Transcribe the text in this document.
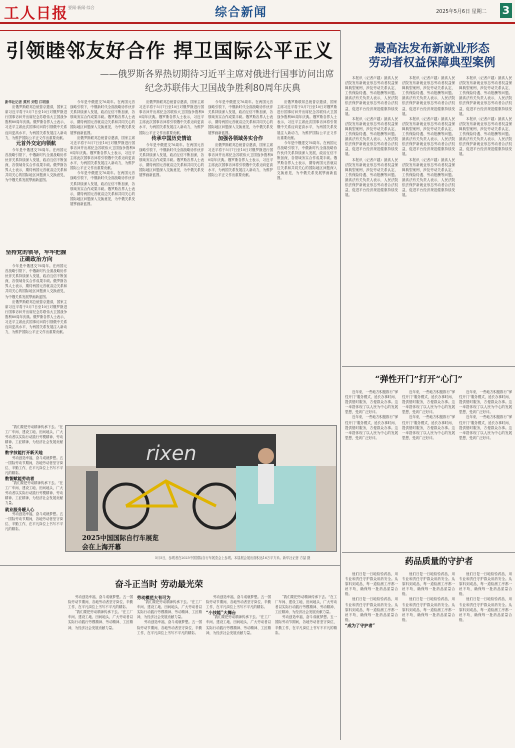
工人日报 要闻·新闻·综合	综合新闻	2025年5月6日 星期二 3
引领睦邻友好合作 捍卫国际公平正义
——俄罗斯各界热切期待习近平主席对俄进行国事访问出席
纪念苏联伟大卫国战争胜利80周年庆典

新华社记者 黄河 刘恺 江明泉

应俄罗斯联邦总统普京邀请，国家主席习近平将于5月7日至10日对俄罗斯进行国事访问并出席纪念苏联伟大卫国战争胜利80周年庆典。俄罗斯各界人士表示，习近平主席此次国事访问将引领俄中关系迈向更高水平，为两国关系发展注入新动力，为维护国际公平正义作出重要贡献。

元首外交定向领航

今年是中俄建交76周年。在两国元首战略引领下，中俄新时代全面战略协作伙伴关系持续深入发展，政治互信不断加深，各领域务实合作成果丰硕。俄罗斯各界人士表示，期待两国元首就双边关系和共同关心的国际地区问题深入交换意见，为中俄关系发展擘画新蓝图。

坚持党的领导，牢牢把握正确政治方向

今年是中俄建交76周年。在两国元首战略引领下，中俄新时代全面战略协作伙伴关系持续深入发展，政治互信不断加深，各领域务实合作成果丰硕。俄罗斯各界人士表示，期待两国元首就双边关系和共同关心的国际地区问题深入交换意见，为中俄关系发展擘画新蓝图。

应俄罗斯联邦总统普京邀请，国家主席习近平将于5月7日至10日对俄罗斯进行国事访问并出席纪念苏联伟大卫国战争胜利80周年庆典。俄罗斯各界人士表示，习近平主席此次国事访问将引领俄中关系迈向更高水平，为两国关系发展注入新动力，为维护国际公平正义作出重要贡献。

今年是中俄建交76周年。在两国元首战略引领下，中俄新时代全面战略协作伙伴关系持续深入发展，政治互信不断加深，各领域务实合作成果丰硕。俄罗斯各界人士表示，期待两国元首就双边关系和共同关心的国际地区问题深入交换意见，为中俄关系发展擘画新蓝图。

应俄罗斯联邦总统普京邀请，国家主席习近平将于5月7日至10日对俄罗斯进行国事访问并出席纪念苏联伟大卫国战争胜利80周年庆典。俄罗斯各界人士表示，习近平主席此次国事访问将引领俄中关系迈向更高水平，为两国关系发展注入新动力，为维护国际公平正义作出重要贡献。

今年是中俄建交76周年。在两国元首战略引领下，中俄新时代全面战略协作伙伴关系持续深入发展，政治互信不断加深，各领域务实合作成果丰硕。俄罗斯各界人士表示，期待两国元首就双边关系和共同关心的国际地区问题深入交换意见，为中俄关系发展擘画新蓝图。

应俄罗斯联邦总统普京邀请，国家主席习近平将于5月7日至10日对俄罗斯进行国事访问并出席纪念苏联伟大卫国战争胜利80周年庆典。俄罗斯各界人士表示，习近平主席此次国事访问将引领俄中关系迈向更高水平，为两国关系发展注入新动力，为维护国际公平正义作出重要贡献。

传承中国历史情谊

今年是中俄建交76周年。在两国元首战略引领下，中俄新时代全面战略协作伙伴关系持续深入发展，政治互信不断加深，各领域务实合作成果丰硕。俄罗斯各界人士表示，期待两国元首就双边关系和共同关心的国际地区问题深入交换意见，为中俄关系发展擘画新蓝图。

今年是中俄建交76周年。在两国元首战略引领下，中俄新时代全面战略协作伙伴关系持续深入发展，政治互信不断加深，各领域务实合作成果丰硕。俄罗斯各界人士表示，期待两国元首就双边关系和共同关心的国际地区问题深入交换意见，为中俄关系发展擘画新蓝图。

加强各领域务实合作

应俄罗斯联邦总统普京邀请，国家主席习近平将于5月7日至10日对俄罗斯进行国事访问并出席纪念苏联伟大卫国战争胜利80周年庆典。俄罗斯各界人士表示，习近平主席此次国事访问将引领俄中关系迈向更高水平，为两国关系发展注入新动力，为维护国际公平正义作出重要贡献。

应俄罗斯联邦总统普京邀请，国家主席习近平将于5月7日至10日对俄罗斯进行国事访问并出席纪念苏联伟大卫国战争胜利80周年庆典。俄罗斯各界人士表示，习近平主席此次国事访问将引领俄中关系迈向更高水平，为两国关系发展注入新动力，为维护国际公平正义作出重要贡献。

今年是中俄建交76周年。在两国元首战略引领下，中俄新时代全面战略协作伙伴关系持续深入发展，政治互信不断加深，各领域务实合作成果丰硕。俄罗斯各界人士表示，期待两国元首就双边关系和共同关心的国际地区问题深入交换意见，为中俄关系发展擘画新蓝图。

rixen
2025中国国际自行车展览会在上海开幕
5月5日，参观者在2025中国国际自行车展览会上参观。本届展会展出面积达16万平方米。新华社记者 方喆 摄
奋斗正当时 劳动最光荣

“我们要把劳动精神传承下去。”在工厂车间、建设工地、田间地头，广大劳动者以实际行动践行劳模精神、劳动精神、工匠精神，为经济社会发展贡献力量。

数字技能打开新天地

劳动创造幸福，奋斗成就梦想。五一国际劳动节期间，各地劳动者坚守岗位、辛勤工作，在平凡岗位上书写不平凡的精彩。

数智赋能劳动者

“我们要把劳动精神传承下去。”在工厂车间、建设工地、田间地头，广大劳动者以实际行动践行劳模精神、劳动精神、工匠精神，为经济社会发展贡献力量。

就业服务暖人心

劳动创造幸福，奋斗成就梦想。五一国际劳动节期间，各地劳动者坚守岗位、辛勤工作，在平凡岗位上书写不平凡的精彩。

劳动创造幸福，奋斗成就梦想。五一国际劳动节期间，各地劳动者坚守岗位、辛勤工作，在平凡岗位上书写不平凡的精彩。

“我们要把劳动精神传承下去。”在工厂车间、建设工地、田间地头，广大劳动者以实际行动践行劳模精神、劳动精神、工匠精神，为经济社会发展贡献力量。

劳动模范大有可为

“我们要把劳动精神传承下去。”在工厂车间、建设工地、田间地头，广大劳动者以实际行动践行劳模精神、劳动精神、工匠精神，为经济社会发展贡献力量。

劳动创造幸福，奋斗成就梦想。五一国际劳动节期间，各地劳动者坚守岗位、辛勤工作，在平凡岗位上书写不平凡的精彩。

劳动创造幸福，奋斗成就梦想。五一国际劳动节期间，各地劳动者坚守岗位、辛勤工作，在平凡岗位上书写不平凡的精彩。

“小技能”大舞台

“我们要把劳动精神传承下去。”在工厂车间、建设工地、田间地头，广大劳动者以实际行动践行劳模精神、劳动精神、工匠精神，为经济社会发展贡献力量。

“我们要把劳动精神传承下去。”在工厂车间、建设工地、田间地头，广大劳动者以实际行动践行劳模精神、劳动精神、工匠精神，为经济社会发展贡献力量。

劳动创造幸福，奋斗成就梦想。五一国际劳动节期间，各地劳动者坚守岗位、辛勤工作，在平凡岗位上书写不平凡的精彩。

最高法发布新就业形态
劳动者权益保障典型案例

本报讯（记者卢越）最高人民法院发布新就业形态劳动者权益保障典型案例，涉及劳动关系认定、工伤保险待遇、劳动报酬等问题。最高法有关负责人表示，人民法院依法保护新就业形态劳动者合法权益，促进平台经济规范健康持续发展。

本报讯（记者卢越）最高人民法院发布新就业形态劳动者权益保障典型案例，涉及劳动关系认定、工伤保险待遇、劳动报酬等问题。最高法有关负责人表示，人民法院依法保护新就业形态劳动者合法权益，促进平台经济规范健康持续发展。

本报讯（记者卢越）最高人民法院发布新就业形态劳动者权益保障典型案例，涉及劳动关系认定、工伤保险待遇、劳动报酬等问题。最高法有关负责人表示，人民法院依法保护新就业形态劳动者合法权益，促进平台经济规范健康持续发展。

本报讯（记者卢越）最高人民法院发布新就业形态劳动者权益保障典型案例，涉及劳动关系认定、工伤保险待遇、劳动报酬等问题。最高法有关负责人表示，人民法院依法保护新就业形态劳动者合法权益，促进平台经济规范健康持续发展。

本报讯（记者卢越）最高人民法院发布新就业形态劳动者权益保障典型案例，涉及劳动关系认定、工伤保险待遇、劳动报酬等问题。最高法有关负责人表示，人民法院依法保护新就业形态劳动者合法权益，促进平台经济规范健康持续发展。

本报讯（记者卢越）最高人民法院发布新就业形态劳动者权益保障典型案例，涉及劳动关系认定、工伤保险待遇、劳动报酬等问题。最高法有关负责人表示，人民法院依法保护新就业形态劳动者合法权益，促进平台经济规范健康持续发展。

本报讯（记者卢越）最高人民法院发布新就业形态劳动者权益保障典型案例，涉及劳动关系认定、工伤保险待遇、劳动报酬等问题。最高法有关负责人表示，人民法院依法保护新就业形态劳动者合法权益，促进平台经济规范健康持续发展。

本报讯（记者卢越）最高人民法院发布新就业形态劳动者权益保障典型案例，涉及劳动关系认定、工伤保险待遇、劳动报酬等问题。最高法有关负责人表示，人民法院依法保护新就业形态劳动者合法权益，促进平台经济规范健康持续发展。

“弹性开门”打开“心门”

近年来，一些地方积极推行“弹性开门”服务模式，延长办事时间、提供错时服务，方便群众办事。这一举措体现了以人民为中心的发展思想，受到广泛好评。

近年来，一些地方积极推行“弹性开门”服务模式，延长办事时间、提供错时服务，方便群众办事。这一举措体现了以人民为中心的发展思想，受到广泛好评。

近年来，一些地方积极推行“弹性开门”服务模式，延长办事时间、提供错时服务，方便群众办事。这一举措体现了以人民为中心的发展思想，受到广泛好评。

近年来，一些地方积极推行“弹性开门”服务模式，延长办事时间、提供错时服务，方便群众办事。这一举措体现了以人民为中心的发展思想，受到广泛好评。

近年来，一些地方积极推行“弹性开门”服务模式，延长办事时间、提供错时服务，方便群众办事。这一举措体现了以人民为中心的发展思想，受到广泛好评。

近年来，一些地方积极推行“弹性开门”服务模式，延长办事时间、提供错时服务，方便群众办事。这一举措体现了以人民为中心的发展思想，受到广泛好评。

药品质量的守护者

他们日复一日地检验药品，用专业和责任守护群众用药安全。从原料到成品，每一道检测工序都一丝不苟，确保每一批药品质量合格。

他们日复一日地检验药品，用专业和责任守护群众用药安全。从原料到成品，每一道检测工序都一丝不苟，确保每一批药品质量合格。

“成为了守护者”

他们日复一日地检验药品，用专业和责任守护群众用药安全。从原料到成品，每一道检测工序都一丝不苟，确保每一批药品质量合格。

他们日复一日地检验药品，用专业和责任守护群众用药安全。从原料到成品，每一道检测工序都一丝不苟，确保每一批药品质量合格。

他们日复一日地检验药品，用专业和责任守护群众用药安全。从原料到成品，每一道检测工序都一丝不苟，确保每一批药品质量合格。

他们日复一日地检验药品，用专业和责任守护群众用药安全。从原料到成品，每一道检测工序都一丝不苟，确保每一批药品质量合格。
